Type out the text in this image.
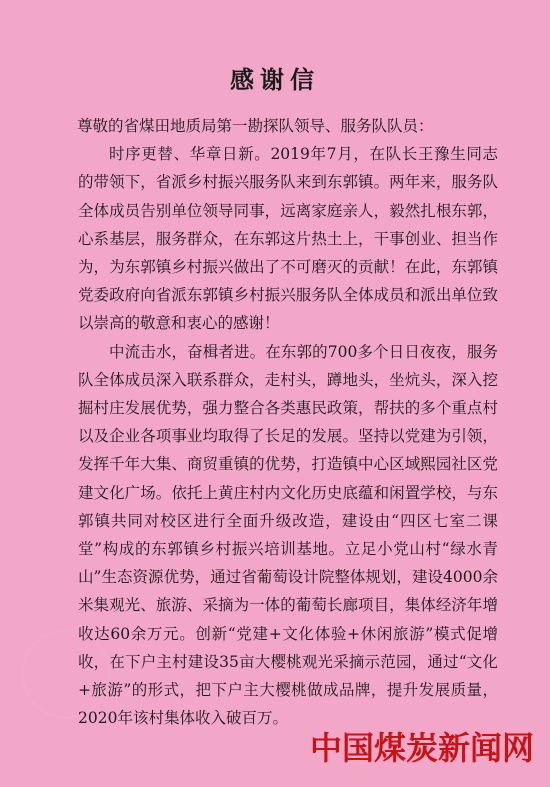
感谢信

尊敬的省煤田地质局第一勘探队领导、服务队队员：

时序更替、华章日新。2019年7月，在队长王豫生同志的带领下，省派乡村振兴服务队来到东郭镇。两年来，服务队全体成员告别单位领导同事，远离家庭亲人，毅然扎根东郭，心系基层，服务群众，在东郭这片热土上，干事创业、担当作为，为东郭镇乡村振兴做出了不可磨灭的贡献！在此，东郭镇党委政府向省派东郭镇乡村振兴服务队全体成员和派出单位致以崇高的敬意和衷心的感谢！

中流击水，奋楫者进。在东郭的700多个日日夜夜，服务队全体成员深入联系群众，走村头，蹲地头，坐炕头，深入挖掘村庄发展优势，强力整合各类惠民政策，帮扶的多个重点村以及企业各项事业均取得了长足的发展。坚持以党建为引领，发挥千年大集、商贸重镇的优势，打造镇中心区域熙园社区党建文化广场。依托上黄庄村内文化历史底蕴和闲置学校，与东郭镇共同对校区进行全面升级改造，建设由“四区七室二课堂”构成的东郭镇乡村振兴培训基地。立足小党山村“绿水青山”生态资源优势，通过省葡萄设计院整体规划，建设4000余米集观光、旅游、采摘为一体的葡萄长廊项目，集体经济年增收达60余万元。创新“党建+文化体验+休闲旅游”模式促增收，在下户主村建设35亩大樱桃观光采摘示范园，通过“文化+旅游”的形式，把下户主大樱桃做成品牌，提升发展质量，2020年该村集体收入破百万。

中国煤炭新闻网
